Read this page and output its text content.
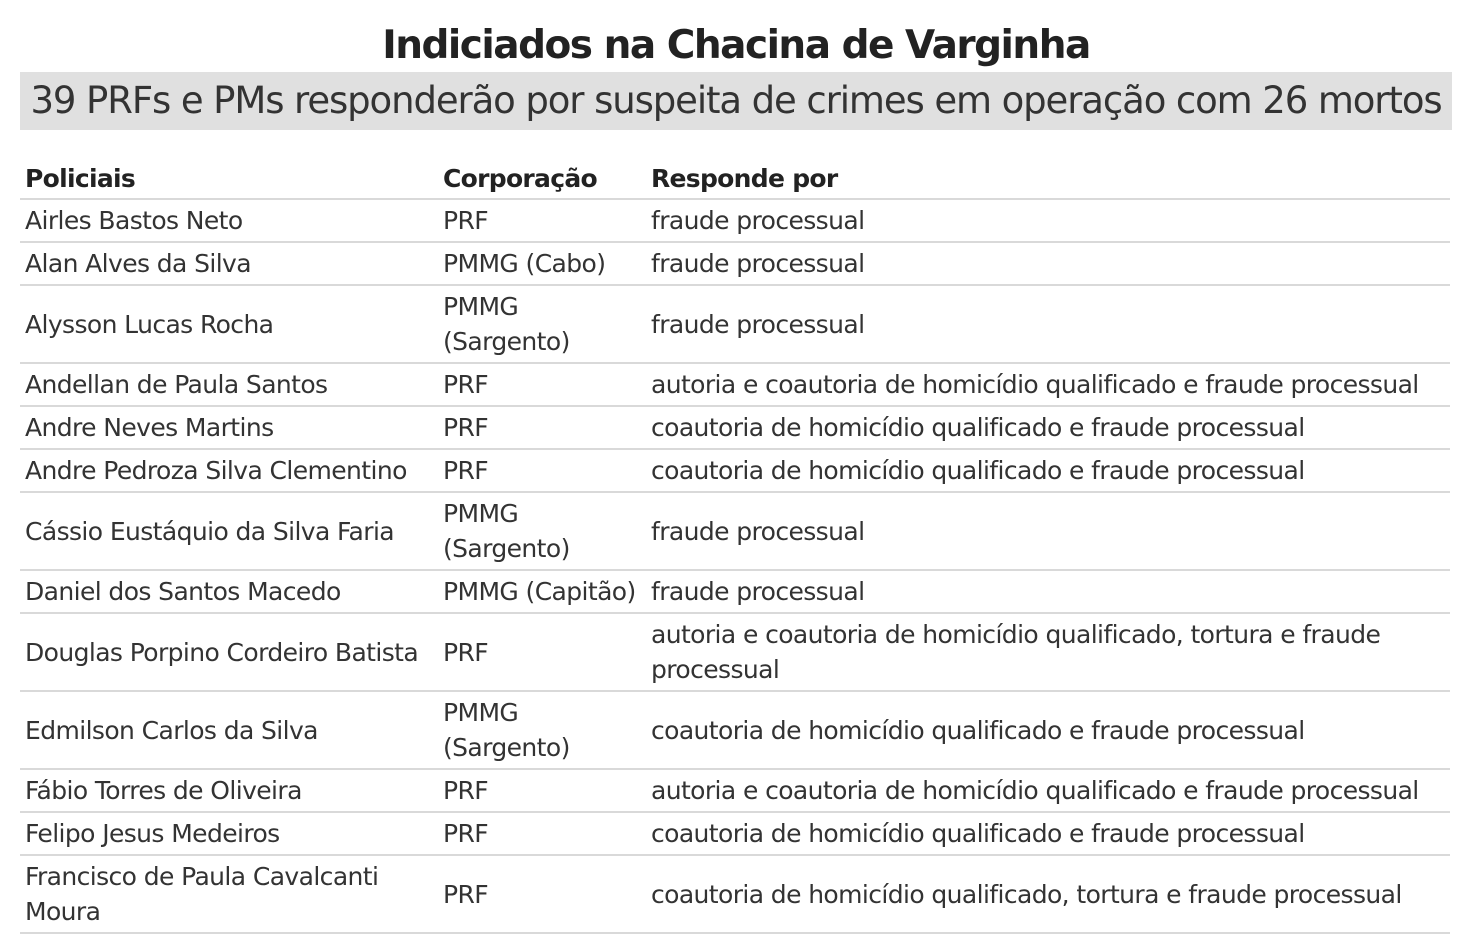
Indiciados na Chacina de Varginha
39 PRFs e PMs responderão por suspeita de crimes em operação com 26 mortos
Policiais	Corporação	Responde por
Airles Bastos Neto	PRF	fraude processual
Alan Alves da Silva	PMMG (Cabo)	fraude processual
Alysson Lucas Rocha	PMMG (Sargento)	fraude processual
Andellan de Paula Santos	PRF	autoria e coautoria de homicídio qualificado e fraude processual
Andre Neves Martins	PRF	coautoria de homicídio qualificado e fraude processual
Andre Pedroza Silva Clementino	PRF	coautoria de homicídio qualificado e fraude processual
Cássio Eustáquio da Silva Faria	PMMG (Sargento)	fraude processual
Daniel dos Santos Macedo	PMMG (Capitão)	fraude processual
Douglas Porpino Cordeiro Batista	PRF	autoria e coautoria de homicídio qualificado, tortura e fraude processual
Edmilson Carlos da Silva	PMMG (Sargento)	coautoria de homicídio qualificado e fraude processual
Fábio Torres de Oliveira	PRF	autoria e coautoria de homicídio qualificado e fraude processual
Felipo Jesus Medeiros	PRF	coautoria de homicídio qualificado e fraude processual
Francisco de Paula Cavalcanti Moura	PRF	coautoria de homicídio qualificado, tortura e fraude processual
